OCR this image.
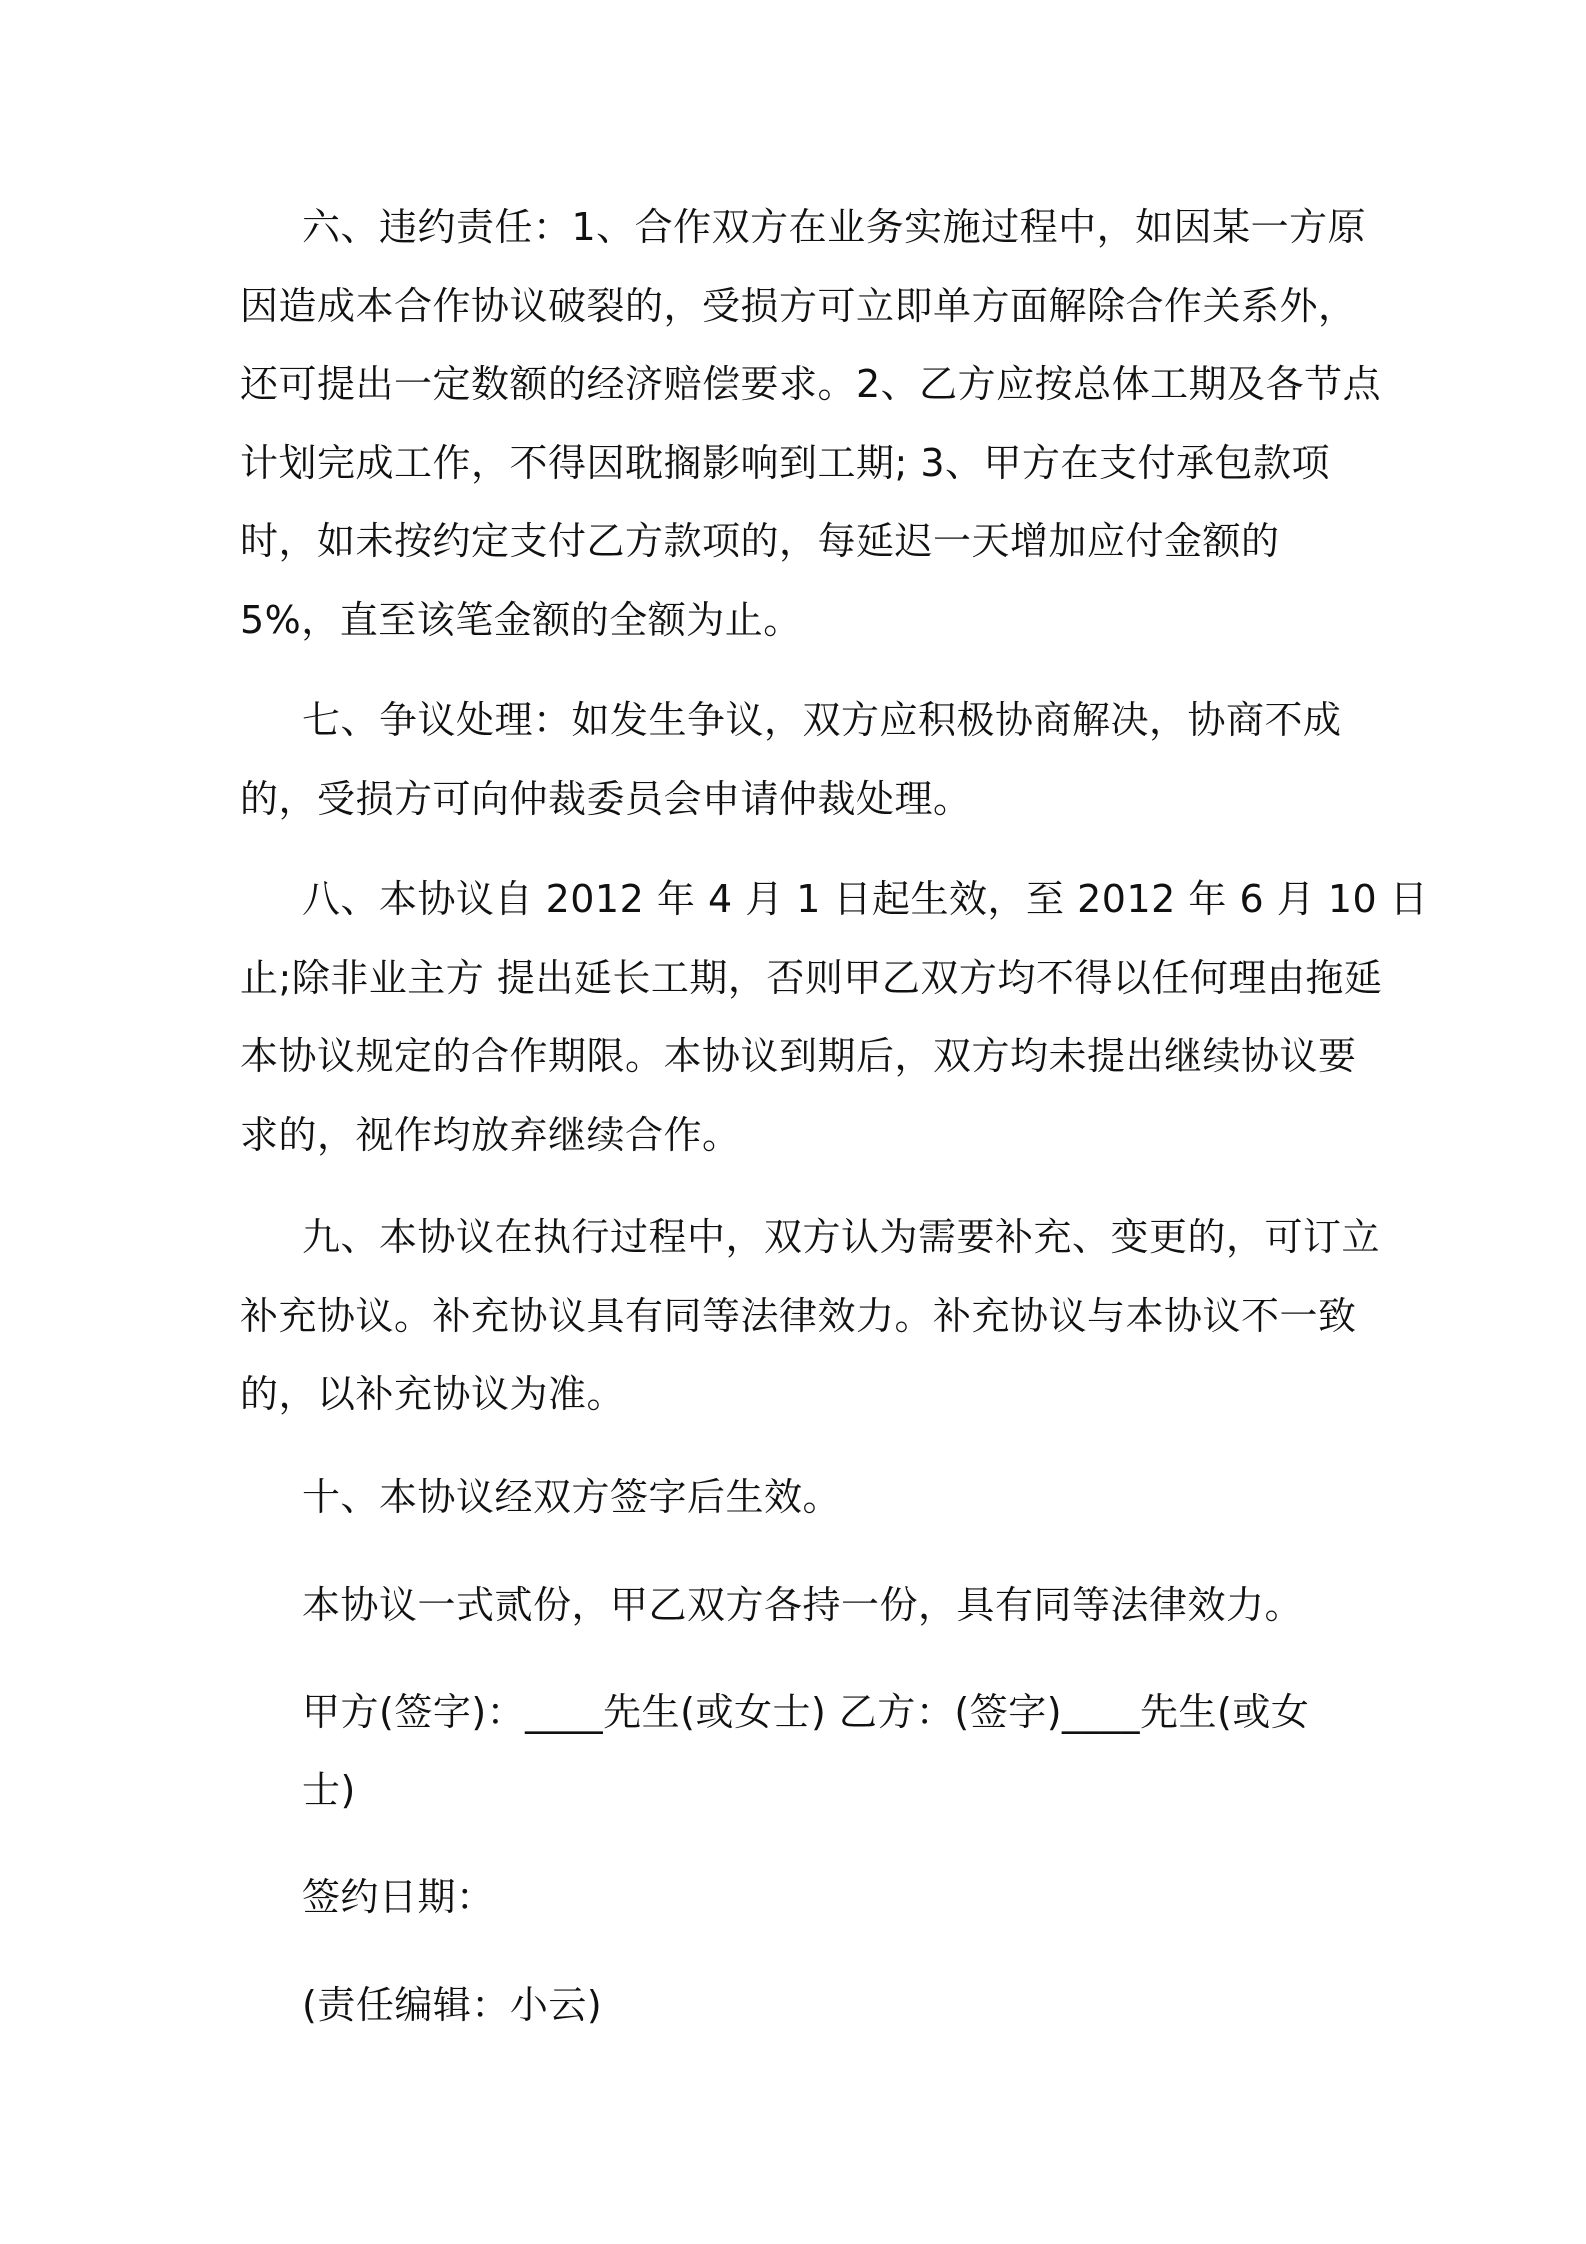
六、违约责任：1、合作双方在业务实施过程中，如因某一方原
因造成本合作协议破裂的，受损方可立即单方面解除合作关系外，
还可提出一定数额的经济赔偿要求。2、乙方应按总体工期及各节点
计划完成工作，不得因耽搁影响到工期; 3、甲方在支付承包款项
时，如未按约定支付乙方款项的，每延迟一天增加应付金额的
5%，直至该笔金额的全额为止。
七、争议处理：如发生争议，双方应积极协商解决，协商不成
的，受损方可向仲裁委员会申请仲裁处理。
八、本协议自 2012 年 4 月 1 日起生效，至 2012 年 6 月 10 日
止;除非业主方 提出延长工期，否则甲乙双方均不得以任何理由拖延
本协议规定的合作期限。本协议到期后，双方均未提出继续协议要
求的，视作均放弃继续合作。
九、本协议在执行过程中，双方认为需要补充、变更的，可订立
补充协议。补充协议具有同等法律效力。补充协议与本协议不一致
的，以补充协议为准。
十、本协议经双方签字后生效。
本协议一式贰份，甲乙双方各持一份，具有同等法律效力。
甲方(签字)：____先生(或女士) 乙方：(签字)____先生(或女士)
签约日期：
(责任编辑：小云)
